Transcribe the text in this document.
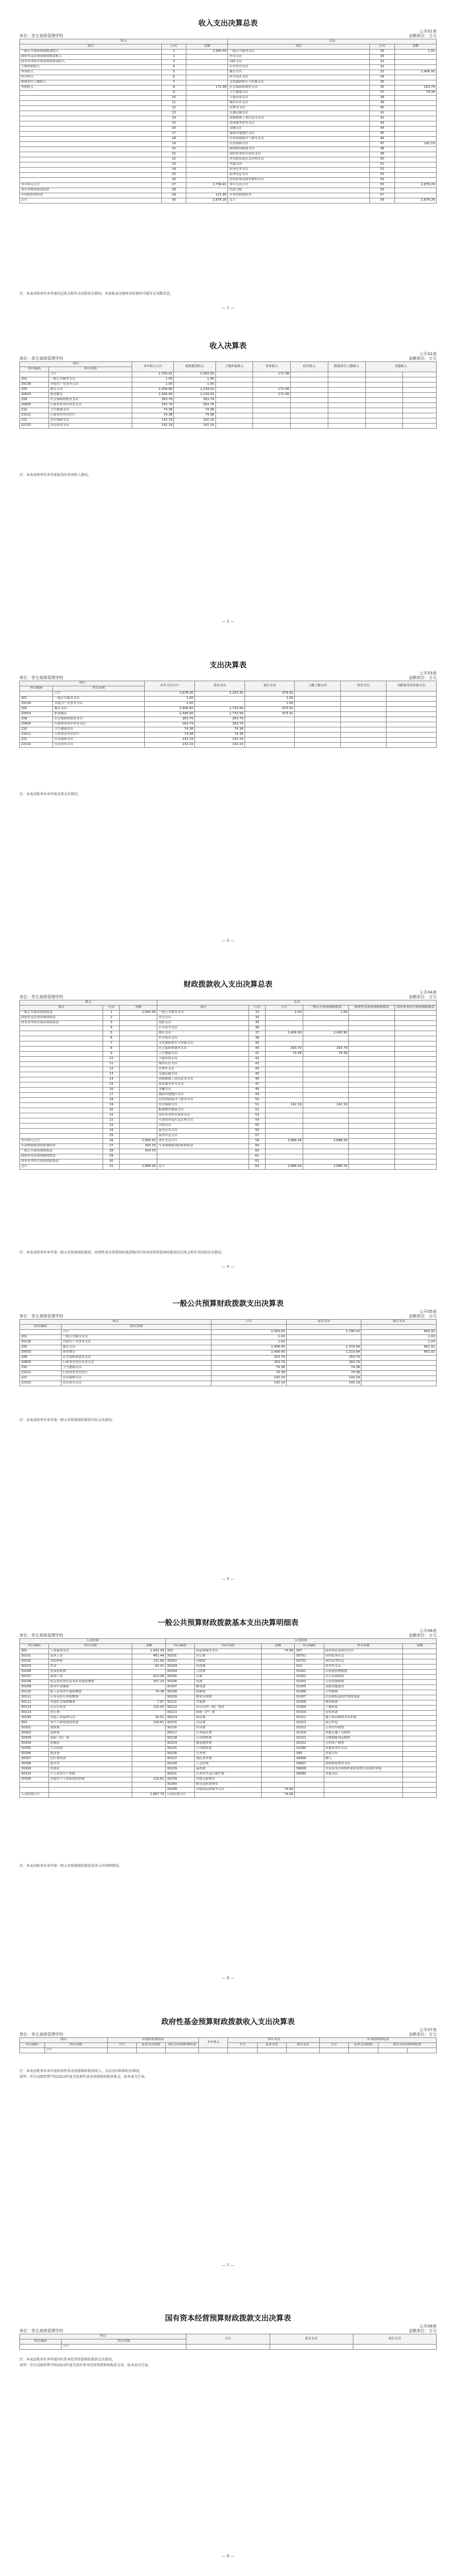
收入支出决算总表
单位：崇左高级管理学校
公开01表
金额单位：万元
收入			支出		
项目	行次	金额	项目	行次	金额
一般公共预算财政拨款收入	1	2,583.93	一般公共服务支出	29	1.00
政府性基金预算财政拨款收入	2		外交支出	30	
国有资本经营预算财政拨款收入	3		国防支出	31	
上级补助收入	4		公共安全支出	32	
事业收入	5		教育支出	33	2,406.90
经营收入	6		科学技术支出	34	
附属单位上缴收入	7		文化旅游体育与传媒支出	35	
其他收入	8	172.48	社会保障和就业支出	36	263.79
	9		卫生健康支出	37	74.38
	10		节能环保支出	38	
	11		城乡社区支出	39	
	12		农林水支出	40	
	13		交通运输支出	41	
	14		资源勘探工业信息等支出	42	
	15		商业服务业等支出	43	
	16		金融支出	44	
	17		援助其他地区支出	45	
	18		自然资源海洋气象等支出	46	
	19		住房保障支出	47	142.19
	20		粮油物资储备支出	48	
	21		国有资本经营预算支出	49	
	22		灾害防治及应急管理支出	50	
	23		其他支出	51	
	24		债务还本支出	52	
	25		债务付息支出	53	
	26		抗疫特别国债安排的支出	54	
本年收入合计	27	2,756.41	本年支出合计	55	2,878.26
使用非财政拨款结余	28		结余分配	56	
年初结转和结余	29	121.85	年末结转和结余	57	
总计	30	2,878.26	总计	58	2,878.26
注：本表反映单位本年度的总收支和年末结转结余情况。本套报表金额单位转换时可能存在尾数误差。
— 1 —
收入决算表
单位：崇左高级管理学校
公开02表
金额单位：万元
项目		本年收入合计	财政拨款收入	上级补助收入	事业收入	经营收入	附属单位上缴收入	其他收入	
科目编码	科目名称								
	合计	2,756.41	2,583.93		172.48				
201	一般公共服务支出	1.00	1.00						
20136	其他共产党事务支出	1.00	1.00						
205	教育支出	2,406.90	2,234.42		172.48				
20503	职业教育	2,406.90	2,234.42		172.48				
208	社会保障和就业支出	263.79	263.79						
20805	行政事业单位养老支出	263.79	263.79						
210	卫生健康支出	74.38	74.38						
21011	行政事业单位医疗	74.38	74.38						
221	住房保障支出	142.19	142.19						
22102	住房改革支出	142.19	142.19						
注：本表反映单位本年度取得的各项收入情况。
— 2 —
支出决算表
单位：崇左高级管理学校
公开03表
金额单位：万元
项目		本年支出合计	基本支出	项目支出	上缴上级支出	经营支出	对附属单位补助支出
科目编码	科目名称						
	合计	2,878.26	2,203.35	674.91			
201	一般公共服务支出	1.00		1.00			
20136	其他共产党事务支出	1.00		1.00			
205	教育支出	2,406.90	1,733.99	673.91			
20503	职业教育	2,406.90	1,733.99	673.91			
208	社会保障和就业支出	263.79	263.79				
20805	行政事业单位养老支出	263.79	263.79				
210	卫生健康支出	74.38	74.38				
21011	行政事业单位医疗	74.38	74.38				
221	住房保障支出	142.19	142.19				
22102	住房改革支出	142.19	142.19				
注：本表反映单位本年度各项支出情况。
— 3 —
财政拨款收入支出决算总表
单位：崇左高级管理学校
公开04表
金额单位：万元
收入			支出					
项目	行次	金额	项目	行次	合计	一般公共预算财政拨款	政府性基金预算财政拨款	国有资本经营预算财政拨款
一般公共预算财政拨款	1	2,583.93	一般公共服务支出	33	1.00	1.00		
政府性基金预算财政拨款	2		外交支出	34				
国有资本经营预算财政拨款	3		国防支出	35				
	4		公共安全支出	36				
	5		教育支出	37	2,406.90	2,406.90		
	6		科学技术支出	38				
	7		文化旅游体育与传媒支出	39				
	8		社会保障和就业支出	40	263.79	263.79		
	9		卫生健康支出	41	74.38	74.38		
	10		节能环保支出	42				
	11		城乡社区支出	43				
	12		农林水支出	44				
	13		交通运输支出	45				
	14		资源勘探工业信息等支出	46				
	15		商业服务业等支出	47				
	16		金融支出	48				
	17		援助其他地区支出	49				
	18		自然资源海洋气象等支出	50				
	19		住房保障支出	51	142.19	142.19		
	20		粮油物资储备支出	52				
	21		国有资本经营预算支出	53				
	22		灾害防治及应急管理支出	54				
	23		其他支出	55				
	24		债务还本支出	56				
	25		债务付息支出	57				
本年收入合计	26	2,583.93	本年支出合计	58	2,888.26	2,888.26		
年初财政拨款结转和结余	27	304.33	年末财政拨款结转和结余	59				
一般公共预算财政拨款	28	304.33		60				
政府性基金预算财政拨款	29			61				
国有资本经营预算财政拨款	30			62				
总计	31	2,888.26	总计	63	2,888.26	2,888.26		
注：本表反映单位本年度一般公共预算财政拨款、政府性基金预算财政拨款和国有资本经营预算财政拨款的总收支和年末结转结余情况。
— 4 —
一般公共预算财政拨款支出决算表
单位：崇左高级管理学校
公开05表
金额单位：万元
项目		合计	基本支出	项目支出
科目编码	科目名称			
	合计	2,583.93	1,790.02	662.92
201	一般公共服务支出	1.00		1.00
20136	其他共产党事务支出	1.00		1.00
205	教育支出	2,406.90	1,319.94	661.92
20503	职业教育	2,406.90	1,319.94	661.92
208	社会保障和就业支出	263.79	263.79	
20805	行政事业单位养老支出	263.79	263.79	
210	卫生健康支出	74.38	74.38	
21011	行政事业单位医疗	74.38	74.38	
221	住房保障支出	142.19	142.19	
22102	住房改革支出	142.19	142.19	
注：本表反映单位本年度一般公共预算财政拨款实际支出情况。
— 5 —
一般公共预算财政拨款基本支出决算明细表
单位：崇左高级管理学校
公开06表
金额单位：万元
人员经费			公用经费					
科目编码	科目名称	金额	科目编码	科目名称	金额	科目编码	科目名称	金额
301	工资福利支出	1,541.09	302	商品和服务支出	74.66	307	债务利息及费用支出	
30101	基本工资	461.44	30201	办公费		30701	国内债务付息	
30102	津贴补贴	131.66	30202	印刷费		30702	国外债务付息	
30103	奖金	82.91	30203	咨询费		310	资本性支出	
30106	伙食补助费		30204	手续费		31001	房屋建筑物购建	
30107	绩效工资	413.08	30205	水费		31002	办公设备购置	
30108	机关事业单位基本养老保险缴费	207.14	30206	电费		31003	专用设备购置	
30109	职业年金缴费		30207	邮电费		31005	基础设施建设	
30110	职工基本医疗保险缴费	74.38	30208	取暖费		31006	大型修缮	
30111	公务员医疗补助缴费		30209	物业管理费		31007	信息网络及软件购置更新	
30112	其他社会保障缴费	7.97	30211	差旅费		31008	物资储备	
30113	住房公积金	132.00	30212	因公出国（境）费用		31009	土地补偿	
30114	医疗费		30213	维修（护）费		31010	安置补助	
30199	其他工资福利支出	30.51	30214	租赁费		31011	地上附着物和青苗补偿	
303	对个人和家庭的补助	126.61	30215	会议费		31012	拆迁补偿	
30301	离休费		30216	培训费		31013	公务用车购置	
30302	退休费		30217	公务接待费		31019	其他交通工具购置	
30303	退职（役）费		30218	专用材料费		31021	文物和陈列品购置	
30304	抚恤金		30224	被装购置费		31022	无形资产购置	
30305	生活补助		30225	专用燃料费		31099	其他资本性支出	
30306	救济费		30226	劳务费		399	其他支出	
30307	医疗费补助		30227	委托业务费		39906	赠与	
30308	助学金		30228	工会经费		39907	国家赔偿费用支出	
30309	奖励金		30229	福利费		39908	对民间非营利组织和群众性自治组织补贴	
30310	个人农业生产补贴		30231	公务用车运行维护费		39999	其他支出	
30399	其他对个人和家庭的补助	126.61	30239	其他交通费用				
			30240	税金及附加费用				
			30299	其他商品和服务支出	74.66			
人员经费合计		1,667.70	公用经费合计		74.66			
注：本表反映单位本年度一般公共预算财政拨款基本支出明细情况。
— 6 —
政府性基金预算财政拨款收入支出决算表
单位：崇左高级管理学校
公开07表
金额单位：万元
项目		年初结转和结余			本年收入	本年支出			年末结转和结余			
科目编码	科目名称	小计	基本支出结转	项目支出结转和结余		小计	基本支出	项目支出	小计	基本支出结转	项目支出结转和结余	
	合计											
注：本表反映单位本年度政府性基金预算财政拨款收入、支出及结转和结余情况。
说明：崇左高级管理学校2023年度无政府性基金预算财政拨款收支，故本表为空表。
— 7 —
国有资本经营预算财政拨款支出决算表
单位：崇左高级管理学校
公开08表
金额单位：万元
项目		合计	基本支出	项目支出
科目编码	科目名称			
	合计			
注：本表反映单位本年度国有资本经营预算财政拨款支出情况。
说明：崇左高级管理学校2023年度无国有资本经营预算财政拨款支出，故本表为空表。
— 8 —
